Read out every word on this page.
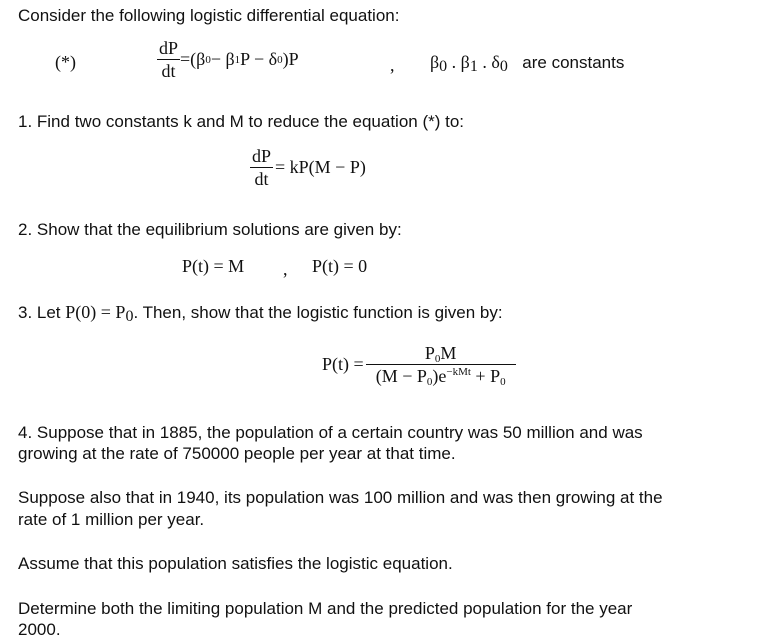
Consider the following logistic differential equation:
(*)	$\frac{dP}{dt} = (\beta$ 0 − β 1 P − δ 0 )P	, $\beta_0$ . $\beta_1$ . $\delta_0$ are constants
1. Find two constants k and M to reduce the equation (*) to:
$\frac{dP}{dt} = kP(M - P)$
2. Show that the equilibrium solutions are given by:
P(t) = M , P(t) = 0
3. Let $P(0) = P_0$. Then, show that the logistic function is given by:
$P(t) = \frac{P_0M}{(M - P_0)e^{-kMt} + P_0}$
4. Suppose that in 1885, the population of a certain country was 50 million and was
growing at the rate of 750000 people per year at that time.
Suppose also that in 1940, its population was 100 million and was then growing at the
rate of 1 million per year.
Assume that this population satisfies the logistic equation.
Determine both the limiting population M and the predicted population for the year
2000.
